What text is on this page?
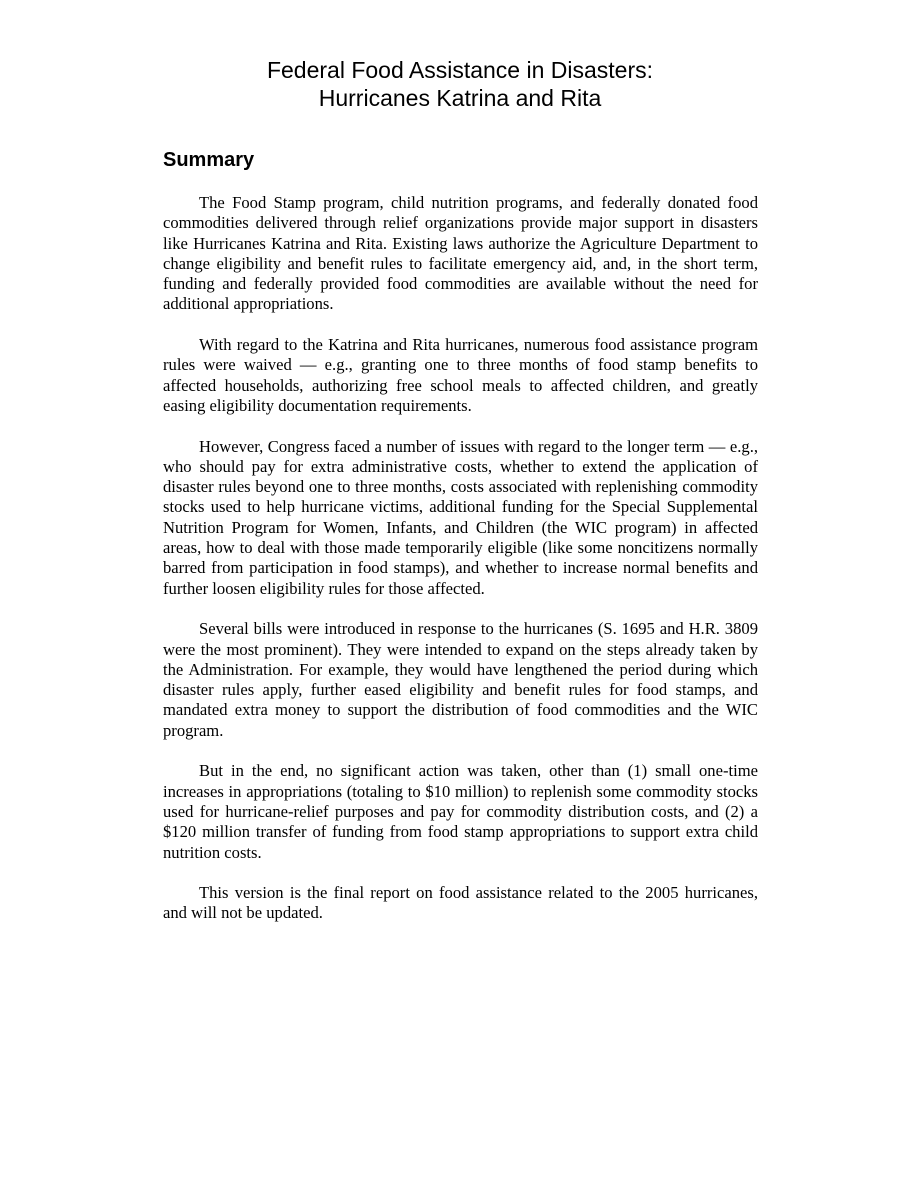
Federal Food Assistance in Disasters:
Hurricanes Katrina and Rita
Summary

The Food Stamp program, child nutrition programs, and federally donated food commodities delivered through relief organizations provide major support in disasters like Hurricanes Katrina and Rita. Existing laws authorize the Agriculture Department to change eligibility and benefit rules to facilitate emergency aid, and, in the short term, funding and federally provided food commodities are available without the need for additional appropriations.

With regard to the Katrina and Rita hurricanes, numerous food assistance program rules were waived — e.g., granting one to three months of food stamp benefits to affected households, authorizing free school meals to affected children, and greatly easing eligibility documentation requirements.

However, Congress faced a number of issues with regard to the longer term — e.g., who should pay for extra administrative costs, whether to extend the application of disaster rules beyond one to three months, costs associated with replenishing commodity stocks used to help hurricane victims, additional funding for the Special Supplemental Nutrition Program for Women, Infants, and Children (the WIC program) in affected areas, how to deal with those made temporarily eligible (like some noncitizens normally barred from participation in food stamps), and whether to increase normal benefits and further loosen eligibility rules for those affected.

Several bills were introduced in response to the hurricanes (S. 1695 and H.R. 3809 were the most prominent). They were intended to expand on the steps already taken by the Administration. For example, they would have lengthened the period during which disaster rules apply, further eased eligibility and benefit rules for food stamps, and mandated extra money to support the distribution of food commodities and the WIC program.

But in the end, no significant action was taken, other than (1) small one-time increases in appropriations (totaling to $10 million) to replenish some commodity stocks used for hurricane-relief purposes and pay for commodity distribution costs, and (2) a $120 million transfer of funding from food stamp appropriations to support extra child nutrition costs.

This version is the final report on food assistance related to the 2005 hurricanes, and will not be updated.
